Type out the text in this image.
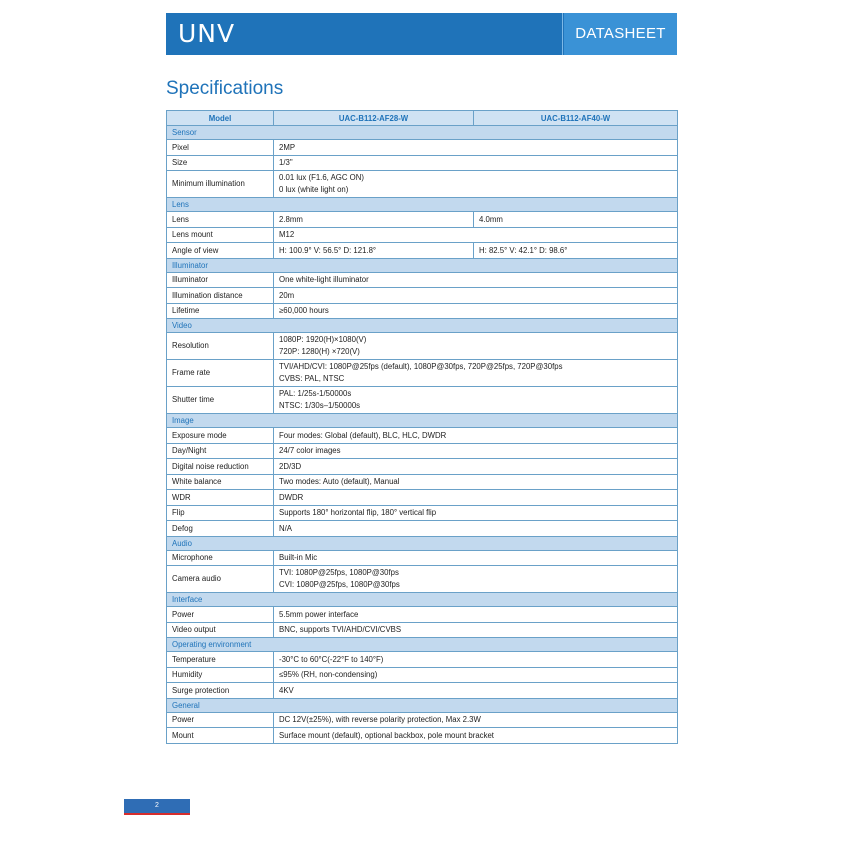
UNV	DATASHEET
Specifications
Model	UAC-B112-AF28-W	UAC-B112-AF40-W
Sensor		
Pixel	2MP	

Size	1/3"	

Minimum illumination	0.01 lux (F1.6, AGC ON)
0 lux (white light on)	

Lens		
Lens	2.8mm	4.0mm
Lens mount	M12	

Angle of view	H: 100.9° V: 56.5° D: 121.8°	H: 82.5° V: 42.1° D: 98.6°
Illuminator		
Illuminator	One white-light illuminator	

Illumination distance	20m	

Lifetime	≥60,000 hours	

Video		
Resolution	1080P: 1920(H)×1080(V)
720P: 1280(H) ×720(V)	

Frame rate	TVI/AHD/CVI: 1080P@25fps (default), 1080P@30fps, 720P@25fps, 720P@30fps
CVBS: PAL, NTSC	

Shutter time	PAL: 1/25s-1/50000s
NTSC: 1/30s–1/50000s	

Image		
Exposure mode	Four modes: Global (default), BLC, HLC, DWDR	

Day/Night	24/7 color images	

Digital noise reduction	2D/3D	

White balance	Two modes: Auto (default), Manual	

WDR	DWDR	

Flip	Supports 180° horizontal flip, 180° vertical flip	

Defog	N/A	

Audio		
Microphone	Built-in Mic	

Camera audio	TVI: 1080P@25fps, 1080P@30fps
CVI: 1080P@25fps, 1080P@30fps	

Interface		
Power	5.5mm power interface	

Video output	BNC, supports TVI/AHD/CVI/CVBS	

Operating environment		
Temperature	-30°C to 60°C(-22°F to 140°F)	

Humidity	≤95% (RH, non-condensing)	

Surge protection	4KV	

General		
Power	DC 12V(±25%), with reverse polarity protection, Max 2.3W	

Mount	Surface mount (default), optional backbox, pole mount bracket	
2
